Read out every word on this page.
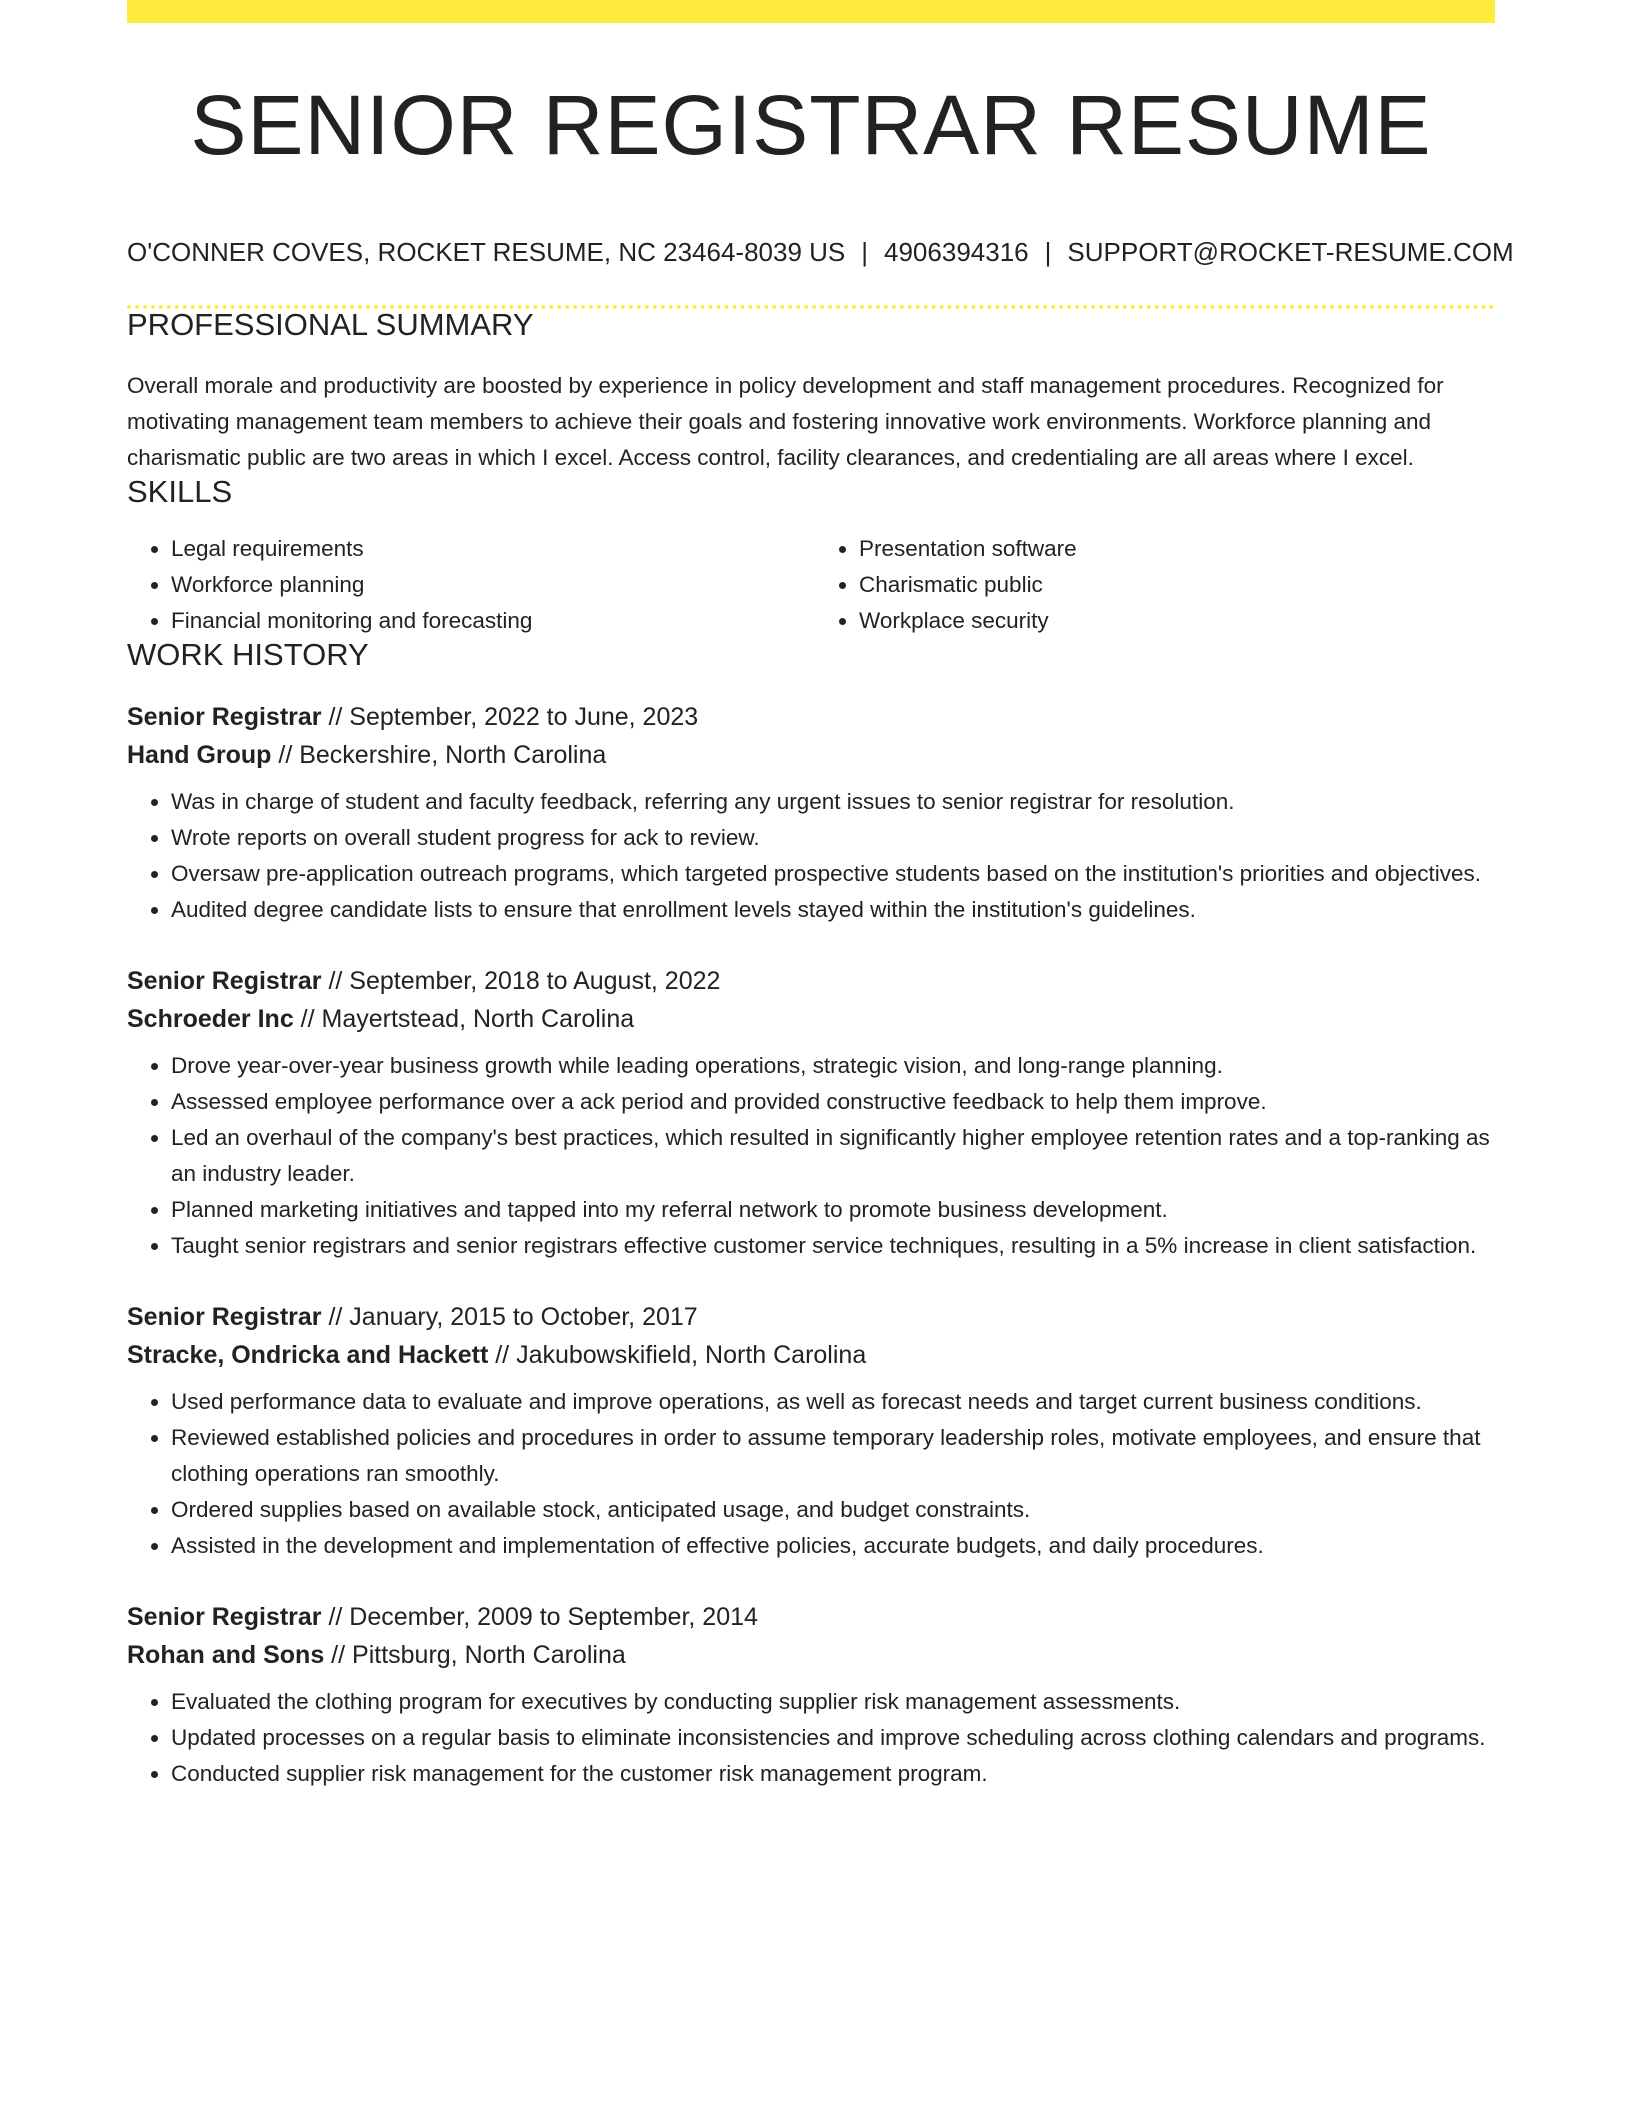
SENIOR REGISTRAR RESUME
O'CONNER COVES, ROCKET RESUME, NC 23464-8039 US | 4906394316 | SUPPORT@ROCKET-RESUME.COM
PROFESSIONAL SUMMARY

Overall morale and productivity are boosted by experience in policy development and staff management procedures. Recognized for motivating management team members to achieve their goals and fostering innovative work environments. Workforce planning and charismatic public are two areas in which I excel. Access control, facility clearances, and credentialing are all areas where I excel.

SKILLS
• Legal requirements
• Workforce planning
• Financial monitoring and forecasting
• Presentation software
• Charismatic public
• Workplace security
WORK HISTORY
Senior Registrar // September, 2022 to June, 2023
Hand Group // Beckershire, North Carolina
• Was in charge of student and faculty feedback, referring any urgent issues to senior registrar for resolution.
• Wrote reports on overall student progress for ack to review.
• Oversaw pre-application outreach programs, which targeted prospective students based on the institution's priorities and objectives.
• Audited degree candidate lists to ensure that enrollment levels stayed within the institution's guidelines.
Senior Registrar // September, 2018 to August, 2022
Schroeder Inc // Mayertstead, North Carolina
• Drove year-over-year business growth while leading operations, strategic vision, and long-range planning.
• Assessed employee performance over a ack period and provided constructive feedback to help them improve.
• Led an overhaul of the company's best practices, which resulted in significantly higher employee retention rates and a top-ranking as an industry leader.
• Planned marketing initiatives and tapped into my referral network to promote business development.
• Taught senior registrars and senior registrars effective customer service techniques, resulting in a 5% increase in client satisfaction.
Senior Registrar // January, 2015 to October, 2017
Stracke, Ondricka and Hackett // Jakubowskifield, North Carolina
• Used performance data to evaluate and improve operations, as well as forecast needs and target current business conditions.
• Reviewed established policies and procedures in order to assume temporary leadership roles, motivate employees, and ensure that clothing operations ran smoothly.
• Ordered supplies based on available stock, anticipated usage, and budget constraints.
• Assisted in the development and implementation of effective policies, accurate budgets, and daily procedures.
Senior Registrar // December, 2009 to September, 2014
Rohan and Sons // Pittsburg, North Carolina
• Evaluated the clothing program for executives by conducting supplier risk management assessments.
• Updated processes on a regular basis to eliminate inconsistencies and improve scheduling across clothing calendars and programs.
• Conducted supplier risk management for the customer risk management program.
